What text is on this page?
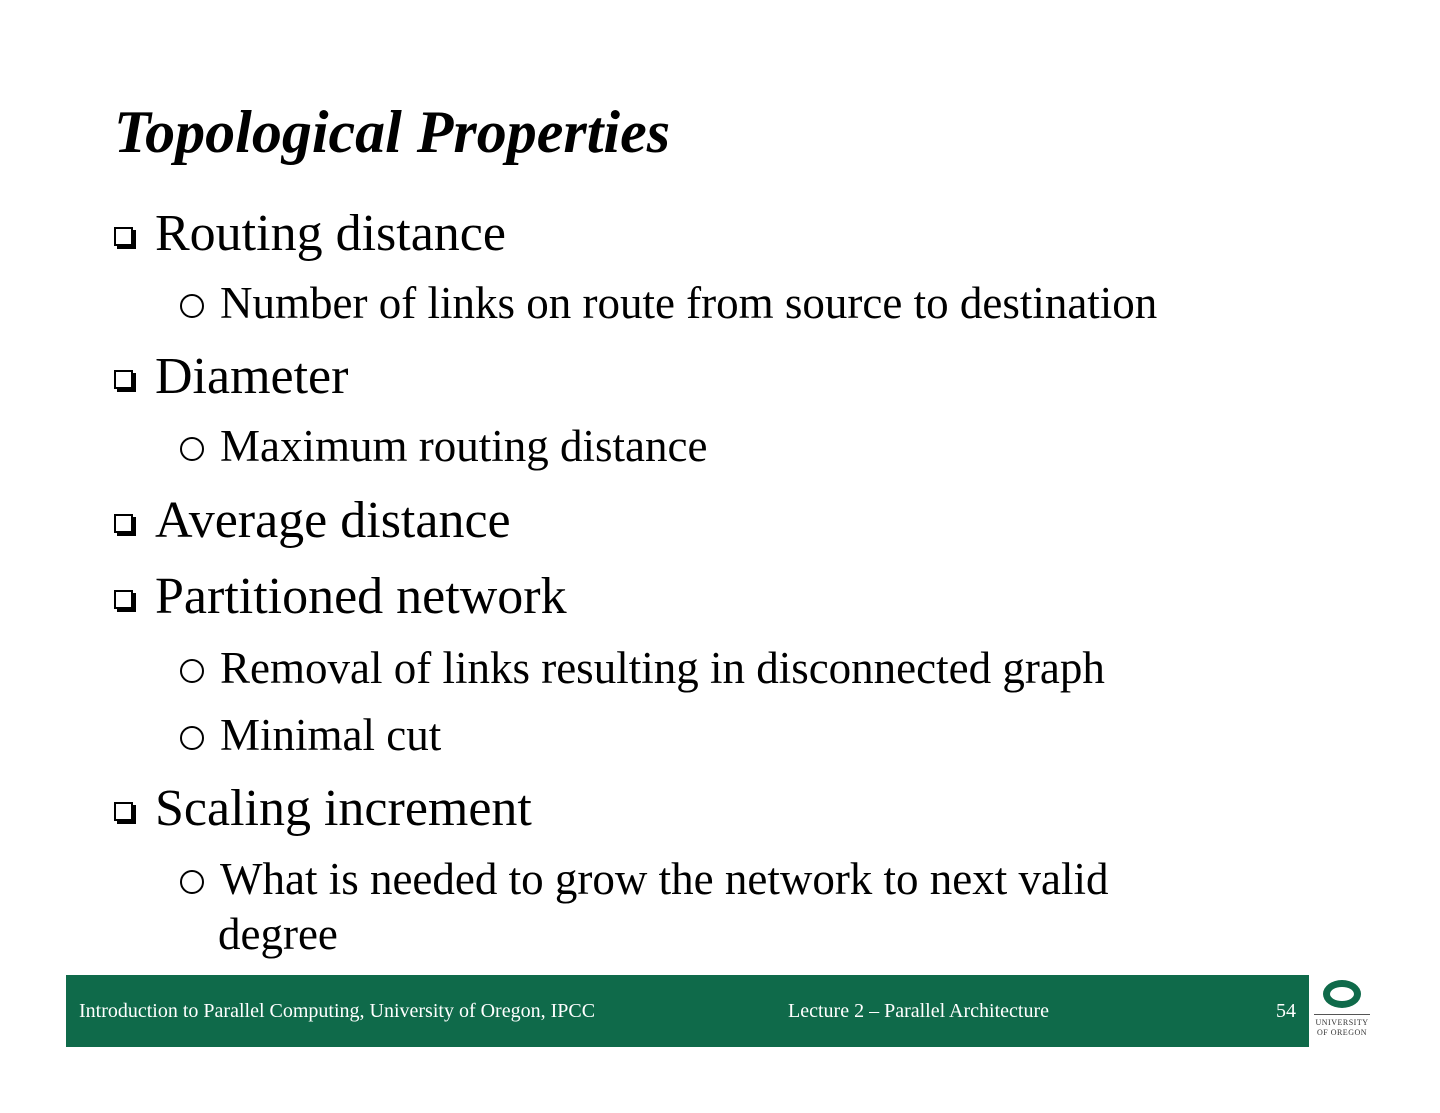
Topological Properties
Routing distance
Number of links on route from source to destination
Diameter
Maximum routing distance
Average distance
Partitioned network
Removal of links resulting in disconnected graph
Minimal cut
Scaling increment
What is needed to grow the network to next valid
degree
Introduction to Parallel Computing, University of Oregon, IPCC	Lecture 2 – Parallel Architecture	54
UNIVERSITY
OF OREGON
